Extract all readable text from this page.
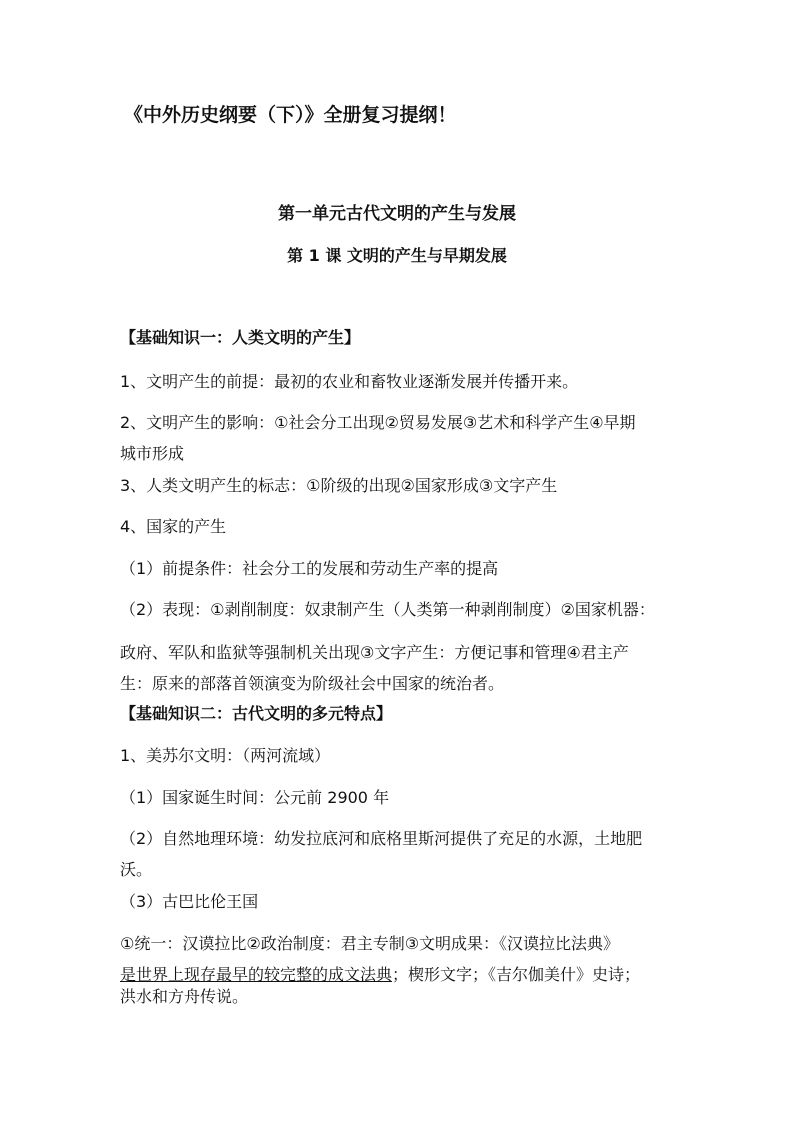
《中外历史纲要（下）》全册复习提纲！
第一单元古代文明的产生与发展
第 1 课 文明的产生与早期发展
【基础知识一：人类文明的产生】
1、文明产生的前提：最初的农业和畜牧业逐渐发展并传播开来。
2、文明产生的影响：①社会分工出现②贸易发展③艺术和科学产生④早期
城市形成
3、人类文明产生的标志：①阶级的出现②国家形成③文字产生
4、国家的产生
（1）前提条件：社会分工的发展和劳动生产率的提高
（2）表现：①剥削制度：奴隶制产生（人类第一种剥削制度）②国家机器：
政府、军队和监狱等强制机关出现③文字产生：方便记事和管理④君主产
生：原来的部落首领演变为阶级社会中国家的统治者。
【基础知识二：古代文明的多元特点】
1、美苏尔文明：（两河流域）
（1）国家诞生时间：公元前 2900 年
（2）自然地理环境：幼发拉底河和底格里斯河提供了充足的水源，土地肥
沃。
（3）古巴比伦王国
①统一：汉谟拉比②政治制度：君主专制③文明成果：《汉谟拉比法典》
是世界上现存最早的较完整的成文法典；楔形文字；《吉尔伽美什》史诗；
洪水和方舟传说。
